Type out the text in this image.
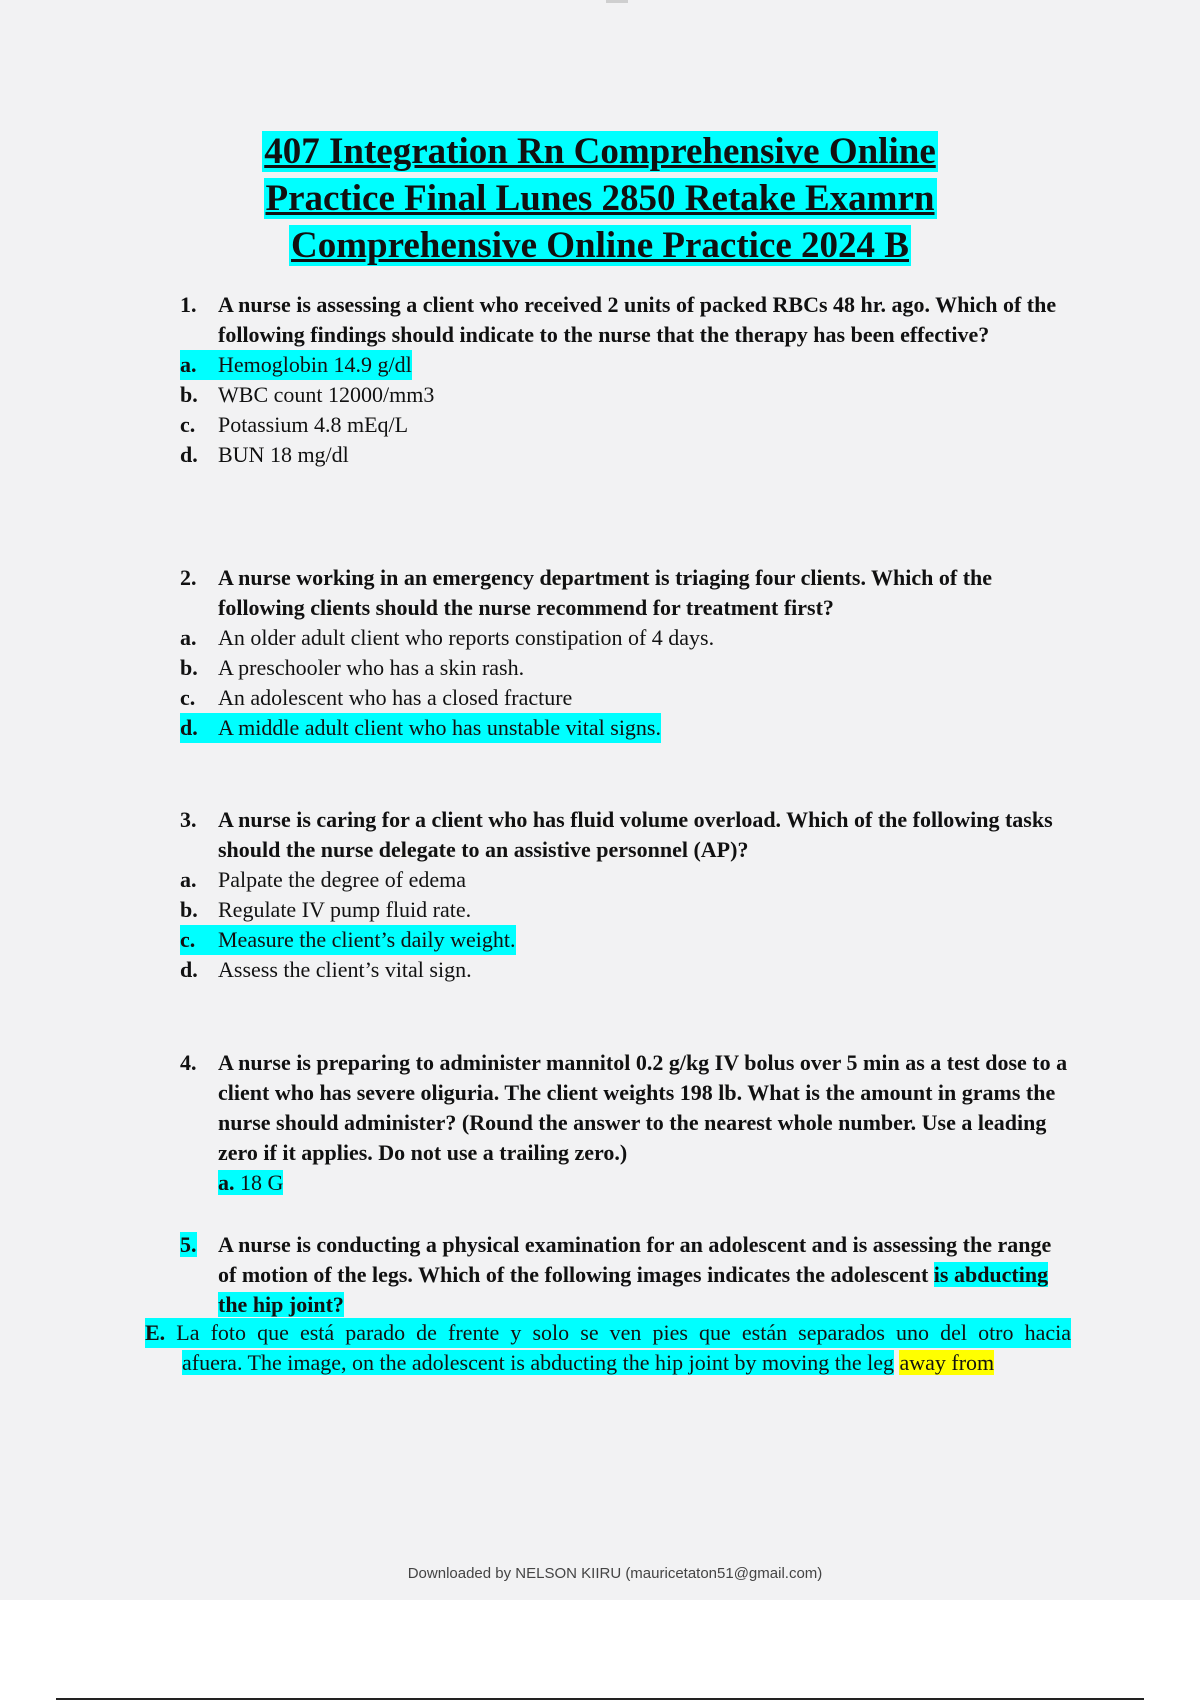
407 Integration Rn Comprehensive Online
Practice Final Lunes 2850 Retake Examrn
Comprehensive Online Practice 2024 B
1. A nurse is assessing a client who received 2 units of packed RBCs 48 hr. ago. Which of the following findings should indicate to the nurse that the therapy has been effective?
a. Hemoglobin 14.9 g/dl
b. WBC count 12000/mm3
c.	Potassium 4.8 mEq/L
d. BUN 18 mg/dl
2. A nurse working in an emergency department is triaging four clients. Which of the following clients should the nurse recommend for treatment first?
a. An older adult client who reports constipation of 4 days.
b. A preschooler who has a skin rash.
c.	An adolescent who has a closed fracture
d. A middle adult client who has unstable vital signs.
3. A nurse is caring for a client who has fluid volume overload. Which of the following tasks should the nurse delegate to an assistive personnel (AP)?
a. Palpate the degree of edema
b. Regulate IV pump fluid rate.
c.	Measure the client’s daily weight.
d. Assess the client’s vital sign.
4. A nurse is preparing to administer mannitol 0.2 g/kg IV bolus over 5 min as a test dose to a client who has severe oliguria. The client weights 198 lb. What is the amount in grams the nurse should administer? (Round the answer to the nearest whole number. Use a leading zero if it applies. Do not use a trailing zero.)
a. 18 G
5. A nurse is conducting a physical examination for an adolescent and is assessing the range of motion of the legs. Which of the following images indicates the adolescent is abducting the hip joint?
E. La foto que está parado de frente y solo se ven pies que están separados uno del otro hacia
afuera. The image, on the adolescent is abducting the hip joint by moving the leg away from
Downloaded by NELSON KIIRU (mauricetaton51@gmail.com)
